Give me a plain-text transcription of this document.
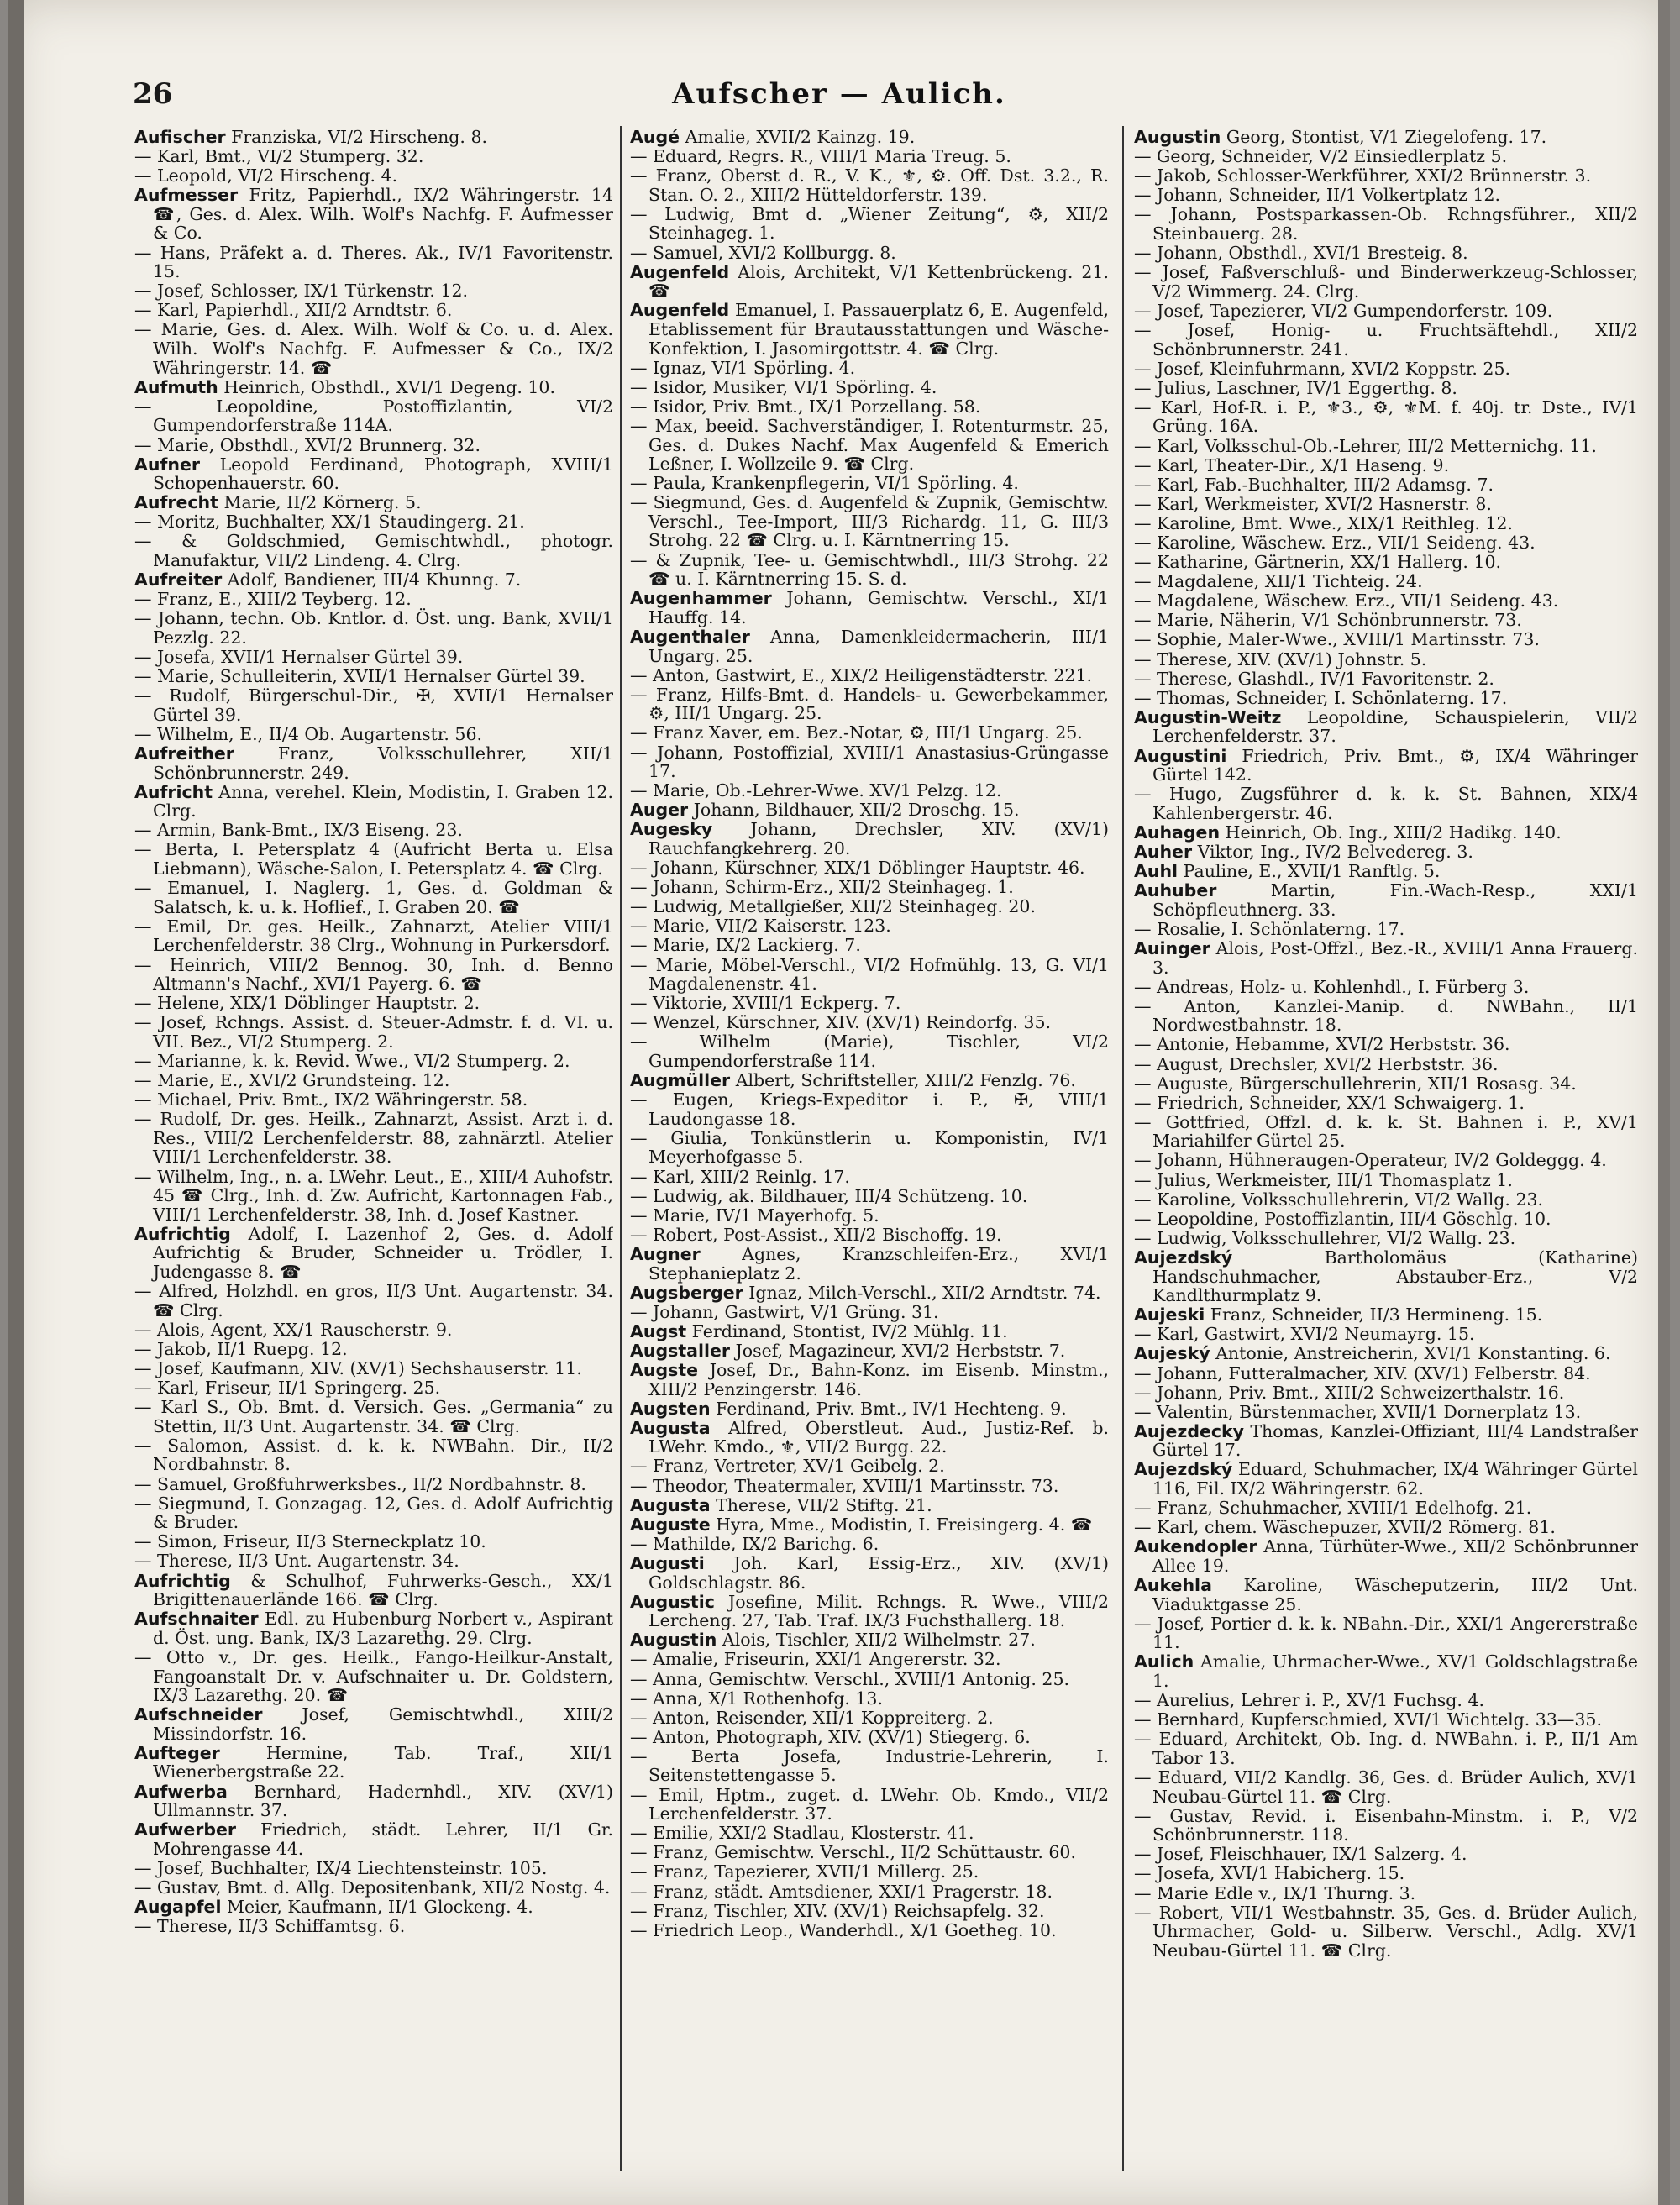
26	Aufscher — Aulich.
Aufischer Franziska, VI/2 Hirscheng. 8.
— Karl, Bmt., VI/2 Stumperg. 32.
— Leopold, VI/2 Hirscheng. 4.
Aufmesser Fritz, Papierhdl., IX/2 Währingerstr. 14 ☎, Ges. d. Alex. Wilh. Wolf's Nachfg. F. Aufmesser & Co.
— Hans, Präfekt a. d. Theres. Ak., IV/1 Favoritenstr. 15.
— Josef, Schlosser, IX/1 Türkenstr. 12.
— Karl, Papierhdl., XII/2 Arndtstr. 6.
— Marie, Ges. d. Alex. Wilh. Wolf & Co. u. d. Alex. Wilh. Wolf's Nachfg. F. Aufmesser & Co., IX/2 Währingerstr. 14. ☎
Aufmuth Heinrich, Obsthdl., XVI/1 Degeng. 10.
— Leopoldine, Postoffizlantin, VI/2 Gumpendorferstraße 114A.
— Marie, Obsthdl., XVI/2 Brunnerg. 32.
Aufner Leopold Ferdinand, Photograph, XVIII/1 Schopenhauerstr. 60.
Aufrecht Marie, II/2 Körnerg. 5.
— Moritz, Buchhalter, XX/1 Staudingerg. 21.
— & Goldschmied, Gemischtwhdl., photogr. Manufaktur, VII/2 Lindeng. 4. Clrg.
Aufreiter Adolf, Bandiener, III/4 Khunng. 7.
— Franz, E., XIII/2 Teyberg. 12.
— Johann, techn. Ob. Kntlor. d. Öst. ung. Bank, XVII/1 Pezzlg. 22.
— Josefa, XVII/1 Hernalser Gürtel 39.
— Marie, Schulleiterin, XVII/1 Hernalser Gürtel 39.
— Rudolf, Bürgerschul-Dir., ✠, XVII/1 Hernalser Gürtel 39.
— Wilhelm, E., II/4 Ob. Augartenstr. 56.
Aufreither	Franz, Volksschullehrer, XII/1 Schönbrunnerstr. 249.
Aufricht Anna, verehel. Klein, Modistin, I. Graben 12. Clrg.
— Armin, Bank-Bmt., IX/3 Eiseng. 23.
— Berta, I. Petersplatz 4 (Aufricht Berta u. Elsa Liebmann), Wäsche-Salon, I. Petersplatz 4. ☎ Clrg.
— Emanuel, I. Naglerg. 1, Ges. d. Goldman & Salatsch, k. u. k. Hoflief., I. Graben 20. ☎
— Emil, Dr. ges. Heilk., Zahnarzt, Atelier VIII/1 Lerchenfelderstr. 38 Clrg., Wohnung in Purkersdorf.
— Heinrich, VIII/2 Bennog. 30, Inh. d. Benno Altmann's Nachf., XVI/1 Payerg. 6. ☎
— Helene, XIX/1 Döblinger Hauptstr. 2.
— Josef, Rchngs. Assist. d. Steuer-Admstr. f. d. VI. u. VII. Bez., VI/2 Stumperg. 2.
— Marianne, k. k. Revid. Wwe., VI/2 Stumperg. 2.
— Marie, E., XVI/2 Grundsteing. 12.
— Michael, Priv. Bmt., IX/2 Währingerstr. 58.
— Rudolf, Dr. ges. Heilk., Zahnarzt, Assist. Arzt i. d. Res., VIII/2 Lerchenfelderstr. 88, zahnärztl. Atelier VIII/1 Lerchenfelderstr. 38.
— Wilhelm, Ing., n. a. LWehr. Leut., E., XIII/4 Auhofstr. 45 ☎ Clrg., Inh. d. Zw. Aufricht, Kartonnagen Fab., VIII/1 Lerchenfelderstr. 38, Inh. d. Josef Kastner.
Aufrichtig Adolf, I. Lazenhof 2, Ges. d. Adolf Aufrichtig & Bruder, Schneider u. Trödler, I. Judengasse 8. ☎
— Alfred, Holzhdl. en gros, II/3 Unt. Augartenstr. 34. ☎ Clrg.
— Alois, Agent, XX/1 Rauscherstr. 9.
— Jakob, II/1 Ruepg. 12.
— Josef, Kaufmann, XIV. (XV/1) Sechshauserstr. 11.
— Karl, Friseur, II/1 Springerg. 25.
— Karl S., Ob. Bmt. d. Versich. Ges. „Germania“ zu Stettin, II/3 Unt. Augartenstr. 34. ☎ Clrg.
— Salomon, Assist. d. k. k. NWBahn. Dir., II/2 Nordbahnstr. 8.
— Samuel, Großfuhrwerksbes., II/2 Nordbahnstr. 8.
— Siegmund, I. Gonzagag. 12, Ges. d. Adolf Aufrichtig & Bruder.
— Simon, Friseur, II/3 Sterneckplatz 10.
— Therese, II/3 Unt. Augartenstr. 34.
Aufrichtig & Schulhof, Fuhrwerks-Gesch., XX/1 Brigittenauerlände 166. ☎ Clrg.
Aufschnaiter Edl. zu Hubenburg Norbert v., Aspirant d. Öst. ung. Bank, IX/3 Lazarethg. 29. Clrg.
— Otto v., Dr. ges. Heilk., Fango-Heilkur-Anstalt, Fangoanstalt Dr. v. Aufschnaiter u. Dr. Goldstern, IX/3 Lazarethg. 20. ☎
Aufschneider Josef, Gemischtwhdl., XIII/2 Missindorfstr. 16.
Aufteger	Hermine, Tab. Traf., XII/1 Wienerbergstraße 22.
Aufwerba Bernhard, Hadernhdl., XIV. (XV/1) Ullmannstr. 37.
Aufwerber Friedrich, städt. Lehrer, II/1 Gr. Mohrengasse 44.
— Josef, Buchhalter, IX/4 Liechtensteinstr. 105.
— Gustav, Bmt. d. Allg. Depositenbank, XII/2 Nostg. 4.
Augapfel Meier, Kaufmann, II/1 Glockeng. 4.
— Therese, II/3 Schiffamtsg. 6.
Augé Amalie, XVII/2 Kainzg. 19.
— Eduard, Regrs. R., VIII/1 Maria Treug. 5.
— Franz, Oberst d. R., V. K., ⚜, ⚙. Off. Dst. 3.2., R. Stan. O. 2., XIII/2 Hütteldorferstr. 139.
— Ludwig, Bmt d. „Wiener Zeitung“, ⚙, XII/2 Steinhageg. 1.
— Samuel, XVI/2 Kollburgg. 8.
Augenfeld Alois, Architekt, V/1 Kettenbrückeng. 21. ☎
Augenfeld Emanuel, I. Passauerplatz 6, E. Augenfeld, Etablissement für Brautausstattungen und Wäsche-Konfektion, I. Jasomirgottstr. 4. ☎ Clrg.
— Ignaz, VI/1 Spörling. 4.
— Isidor, Musiker, VI/1 Spörling. 4.
— Isidor, Priv. Bmt., IX/1 Porzellang. 58.
— Max, beeid. Sachverständiger, I. Rotenturmstr. 25, Ges. d. Dukes Nachf. Max Augenfeld & Emerich Leßner, I. Wollzeile 9. ☎ Clrg.
— Paula, Krankenpflegerin, VI/1 Spörling. 4.
— Siegmund, Ges. d. Augenfeld & Zupnik, Gemischtw. Verschl., Tee-Import, III/3 Richardg. 11, G. III/3 Strohg. 22 ☎ Clrg. u. I. Kärntnerring 15.
— & Zupnik, Tee- u. Gemischtwhdl., III/3 Strohg. 22 ☎ u. I. Kärntnerring 15. S. d.
Augenhammer Johann, Gemischtw. Verschl., XI/1 Hauffg. 14.
Augenthaler Anna, Damenkleidermacherin, III/1 Ungarg. 25.
— Anton, Gastwirt, E., XIX/2 Heiligenstädterstr. 221.
— Franz, Hilfs-Bmt. d. Handels- u. Gewerbekammer, ⚙, III/1 Ungarg. 25.
— Franz Xaver, em. Bez.-Notar, ⚙, III/1 Ungarg. 25.
— Johann, Postoffizial, XVIII/1 Anastasius-Grüngasse 17.
— Marie, Ob.-Lehrer-Wwe. XV/1 Pelzg. 12.
Auger Johann, Bildhauer, XII/2 Droschg. 15.
Augesky Johann, Drechsler, XIV. (XV/1) Rauchfangkehrerg. 20.
— Johann, Kürschner, XIX/1 Döblinger Hauptstr. 46.
— Johann, Schirm-Erz., XII/2 Steinhageg. 1.
— Ludwig, Metallgießer, XII/2 Steinhageg. 20.
— Marie, VII/2 Kaiserstr. 123.
— Marie, IX/2 Lackierg. 7.
— Marie, Möbel-Verschl., VI/2 Hofmühlg. 13, G. VI/1 Magdalenenstr. 41.
— Viktorie, XVIII/1 Eckperg. 7.
— Wenzel, Kürschner, XIV. (XV/1) Reindorfg. 35.
— Wilhelm (Marie), Tischler, VI/2 Gumpendorferstraße 114.
Augmüller Albert, Schriftsteller, XIII/2 Fenzlg. 76.
— Eugen, Kriegs-Expeditor i. P., ✠, VIII/1 Laudongasse 18.
— Giulia, Tonkünstlerin u. Komponistin, IV/1 Meyerhofgasse 5.
— Karl, XIII/2 Reinlg. 17.
— Ludwig, ak. Bildhauer, III/4 Schützeng. 10.
— Marie, IV/1 Mayerhofg. 5.
— Robert, Post-Assist., XII/2 Bischoffg. 19.
Augner Agnes, Kranzschleifen-Erz., XVI/1 Stephanieplatz 2.
Augsberger Ignaz, Milch-Verschl., XII/2 Arndtstr. 74.
— Johann, Gastwirt, V/1 Grüng. 31.
Augst Ferdinand, Stontist, IV/2 Mühlg. 11.
Augstaller Josef, Magazineur, XVI/2 Herbststr. 7.
Augste Josef, Dr., Bahn-Konz. im Eisenb. Minstm., XIII/2 Penzingerstr. 146.
Augsten Ferdinand, Priv. Bmt., IV/1 Hechteng. 9.
Augusta Alfred, Oberstleut. Aud., Justiz-Ref. b. LWehr. Kmdo., ⚜, VII/2 Burgg. 22.
— Franz, Vertreter, XV/1 Geibelg. 2.
— Theodor, Theatermaler, XVIII/1 Martinsstr. 73.
Augusta Therese, VII/2 Stiftg. 21.
Auguste Hyra, Mme., Modistin, I. Freisingerg. 4. ☎
— Mathilde, IX/2 Barichg. 6.
Augusti Joh. Karl, Essig-Erz., XIV. (XV/1) Goldschlagstr. 86.
Augustic Josefine, Milit. Rchngs. R. Wwe., VIII/2 Lercheng. 27, Tab. Traf. IX/3 Fuchsthallerg. 18.
Augustin Alois, Tischler, XII/2 Wilhelmstr. 27.
— Amalie, Friseurin, XXI/1 Angererstr. 32.
— Anna, Gemischtw. Verschl., XVIII/1 Antonig. 25.
— Anna, X/1 Rothenhofg. 13.
— Anton, Reisender, XII/1 Koppreiterg. 2.
— Anton, Photograph, XIV. (XV/1) Stiegerg. 6.
— Berta Josefa, Industrie-Lehrerin, I. Seitenstettengasse 5.
— Emil, Hptm., zuget. d. LWehr. Ob. Kmdo., VII/2 Lerchenfelderstr. 37.
— Emilie, XXI/2 Stadlau, Klosterstr. 41.
— Franz, Gemischtw. Verschl., II/2 Schüttaustr. 60.
— Franz, Tapezierer, XVII/1 Millerg. 25.
— Franz, städt. Amtsdiener, XXI/1 Pragerstr. 18.
— Franz, Tischler, XIV. (XV/1) Reichsapfelg. 32.
— Friedrich Leop., Wanderhdl., X/1 Goetheg. 10.
Augustin Georg, Stontist, V/1 Ziegelofeng. 17.
— Georg, Schneider, V/2 Einsiedlerplatz 5.
— Jakob, Schlosser-Werkführer, XXI/2 Brünnerstr. 3.
— Johann, Schneider, II/1 Volkertplatz 12.
— Johann, Postsparkassen-Ob. Rchngsführer., XII/2 Steinbauerg. 28.
— Johann, Obsthdl., XVI/1 Bresteig. 8.
— Josef, Faßverschluß- und Binderwerkzeug-Schlosser, V/2 Wimmerg. 24. Clrg.
— Josef, Tapezierer, VI/2 Gumpendorferstr. 109.
— Josef, Honig- u. Fruchtsäftehdl., XII/2 Schönbrunnerstr. 241.
— Josef, Kleinfuhrmann, XVI/2 Koppstr. 25.
— Julius, Laschner, IV/1 Eggerthg. 8.
— Karl, Hof-R. i. P., ⚜3., ⚙, ⚜M. f. 40j. tr. Dste., IV/1 Grüng. 16A.
— Karl, Volksschul-Ob.-Lehrer, III/2 Metternichg. 11.
— Karl, Theater-Dir., X/1 Haseng. 9.
— Karl, Fab.-Buchhalter, III/2 Adamsg. 7.
— Karl, Werkmeister, XVI/2 Hasnerstr. 8.
— Karoline, Bmt. Wwe., XIX/1 Reithleg. 12.
— Karoline, Wäschew. Erz., VII/1 Seideng. 43.
— Katharine, Gärtnerin, XX/1 Hallerg. 10.
— Magdalene, XII/1 Tichteig. 24.
— Magdalene, Wäschew. Erz., VII/1 Seideng. 43.
— Marie, Näherin, V/1 Schönbrunnerstr. 73.
— Sophie, Maler-Wwe., XVIII/1 Martinsstr. 73.
— Therese, XIV. (XV/1) Johnstr. 5.
— Therese, Glashdl., IV/1 Favoritenstr. 2.
— Thomas, Schneider, I. Schönlaterng. 17.
Augustin-Weitz Leopoldine, Schauspielerin, VII/2 Lerchenfelderstr. 37.
Augustini Friedrich, Priv. Bmt., ⚙, IX/4 Währinger Gürtel 142.
— Hugo, Zugsführer d. k. k. St. Bahnen, XIX/4 Kahlenbergerstr. 46.
Auhagen Heinrich, Ob. Ing., XIII/2 Hadikg. 140.
Auher Viktor, Ing., IV/2 Belvedereg. 3.
Auhl Pauline, E., XVII/1 Ranftlg. 5.
Auhuber	Martin, Fin.-Wach-Resp., XXI/1 Schöpfleuthnerg. 33.
— Rosalie, I. Schönlaterng. 17.
Auinger Alois, Post-Offzl., Bez.-R., XVIII/1 Anna Frauerg. 3.
— Andreas, Holz- u. Kohlenhdl., I. Fürberg 3.
— Anton, Kanzlei-Manip. d. NWBahn., II/1 Nordwestbahnstr. 18.
— Antonie, Hebamme, XVI/2 Herbststr. 36.
— August, Drechsler, XVI/2 Herbststr. 36.
— Auguste, Bürgerschullehrerin, XII/1 Rosasg. 34.
— Friedrich, Schneider, XX/1 Schwaigerg. 1.
— Gottfried, Offzl. d. k. k. St. Bahnen i. P., XV/1 Mariahilfer Gürtel 25.
— Johann, Hühneraugen-Operateur, IV/2 Goldeggg. 4.
— Julius, Werkmeister, III/1 Thomasplatz 1.
— Karoline, Volksschullehrerin, VI/2 Wallg. 23.
— Leopoldine, Postoffizlantin, III/4 Göschlg. 10.
— Ludwig, Volksschullehrer, VI/2 Wallg. 23.
Aujezdský	Bartholomäus (Katharine) Handschuhmacher, Abstauber-Erz., V/2 Kandlthurmplatz 9.
Aujeski Franz, Schneider, II/3 Hermineng. 15.
— Karl, Gastwirt, XVI/2 Neumayrg. 15.
Aujeský Antonie, Anstreicherin, XVI/1 Konstanting. 6.
— Johann, Futteralmacher, XIV. (XV/1) Felberstr. 84.
— Johann, Priv. Bmt., XIII/2 Schweizerthalstr. 16.
— Valentin, Bürstenmacher, XVII/1 Dornerplatz 13.
Aujezdecky Thomas, Kanzlei-Offiziant, III/4 Landstraßer Gürtel 17.
Aujezdský Eduard, Schuhmacher, IX/4 Währinger Gürtel 116, Fil. IX/2 Währingerstr. 62.
— Franz, Schuhmacher, XVIII/1 Edelhofg. 21.
— Karl, chem. Wäschepuzer, XVII/2 Römerg. 81.
Aukendopler Anna, Türhüter-Wwe., XII/2 Schönbrunner Allee 19.
Aukehla Karoline, Wäscheputzerin, III/2 Unt. Viaduktgasse 25.
— Josef, Portier d. k. k. NBahn.-Dir., XXI/1 Angererstraße 11.
Aulich Amalie, Uhrmacher-Wwe., XV/1 Goldschlagstraße 1.
— Aurelius, Lehrer i. P., XV/1 Fuchsg. 4.
— Bernhard, Kupferschmied, XVI/1 Wichtelg. 33—35.
— Eduard, Architekt, Ob. Ing. d. NWBahn. i. P., II/1 Am Tabor 13.
— Eduard, VII/2 Kandlg. 36, Ges. d. Brüder Aulich, XV/1 Neubau-Gürtel 11. ☎ Clrg.
— Gustav, Revid. i. Eisenbahn-Minstm. i. P., V/2 Schönbrunnerstr. 118.
— Josef, Fleischhauer, IX/1 Salzerg. 4.
— Josefa, XVI/1 Habicherg. 15.
— Marie Edle v., IX/1 Thurng. 3.
— Robert, VII/1 Westbahnstr. 35, Ges. d. Brüder Aulich, Uhrmacher, Gold- u. Silberw. Verschl., Adlg. XV/1 Neubau-Gürtel 11. ☎ Clrg.
